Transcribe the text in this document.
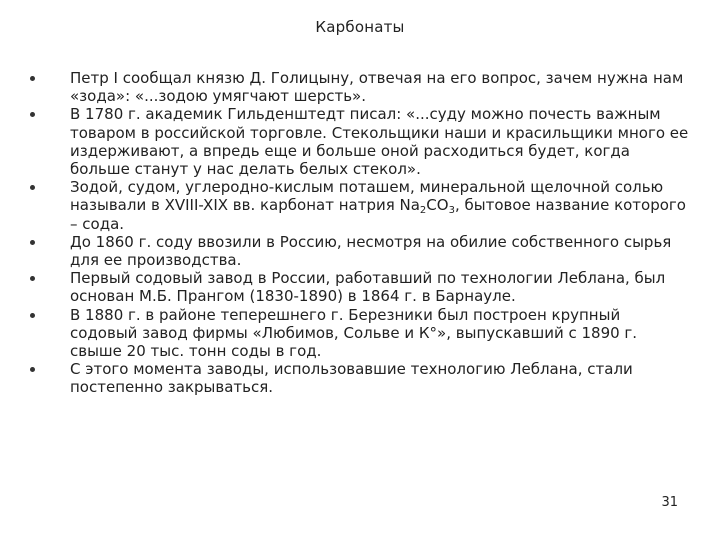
Карбонаты
Петр I сообщал князю Д. Голицыну, отвечая на его вопрос, зачем нужна нам «зода»: «...зодою умягчают шерсть».
В 1780 г. академик Гильденштедт писал: «...суду можно почесть важным товаром в российской торговле. Стекольщики наши и красильщики много ее издерживают, а впредь еще и больше оной расходиться будет, когда больше станут у нас делать белых стекол».
Зодой, судом, углеродно-кислым поташем, минеральной щелочной солью называли в XVIII-XIX вв. карбонат натрия $Na_2CO_3$, бытовое название которого – сода.
До 1860 г. соду ввозили в Россию, несмотря на обилие собственного сырья для ее производства.
Первый содовый завод в России, работавший по технологии Леблана, был основан М.Б. Прангом (1830-1890) в 1864 г. в Барнауле.
В 1880 г. в районе теперешнего г. Березники был построен крупный содовый завод фирмы «Любимов, Сольве и К°», выпускавший с 1890 г. свыше 20 тыс. тонн соды в год.
С этого момента заводы, использовавшие технологию Леблана, стали постепенно закрываться.
31
